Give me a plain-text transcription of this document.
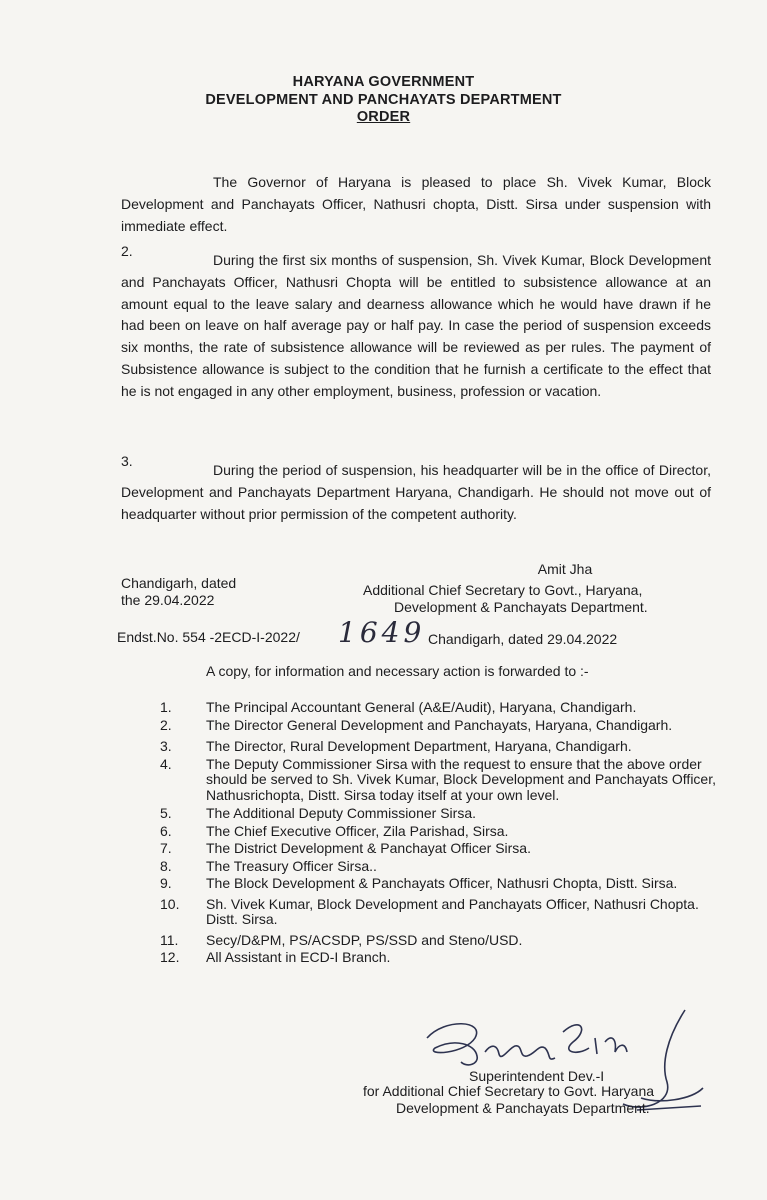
HARYANA GOVERNMENT
DEVELOPMENT AND PANCHAYATS DEPARTMENT
ORDER
The Governor of Haryana is pleased to place Sh. Vivek Kumar, Block Development and Panchayats Officer, Nathusri chopta, Distt. Sirsa under suspension with immediate effect.
2.
During the first six months of suspension, Sh. Vivek Kumar, Block Development and Panchayats Officer, Nathusri Chopta will be entitled to subsistence allowance at an amount equal to the leave salary and dearness allowance which he would have drawn if he had been on leave on half average pay or half pay. In case the period of suspension exceeds six months, the rate of subsistence allowance will be reviewed as per rules. The payment of Subsistence allowance is subject to the condition that he furnish a certificate to the effect that he is not engaged in any other employment, business, profession or vacation.
3.
During the period of suspension, his headquarter will be in the office of Director, Development and Panchayats Department Haryana, Chandigarh. He should not move out of headquarter without prior permission of the competent authority.
Amit Jha
Chandigarh, dated
the 29.04.2022
Additional Chief Secretary to Govt., Haryana,
Development & Panchayats Department.
Endst.No. 554 -2ECD-I-2022/ 1649 Chandigarh, dated 29.04.2022
A copy, for information and necessary action is forwarded to :-
1.	The Principal Accountant General (A&E/Audit), Haryana, Chandigarh.
2.	The Director General Development and Panchayats, Haryana, Chandigarh.
3.	The Director, Rural Development Department, Haryana, Chandigarh.
4.	The Deputy Commissioner Sirsa with the request to ensure that the above order should be served to Sh. Vivek Kumar, Block Development and Panchayats Officer, Nathusrichopta, Distt. Sirsa today itself at your own level.
5.	The Additional Deputy Commissioner Sirsa.
6.	The Chief Executive Officer, Zila Parishad, Sirsa.
7.	The District Development & Panchayat Officer Sirsa.
8.	The Treasury Officer Sirsa..
9.	The Block Development & Panchayats Officer, Nathusri Chopta, Distt. Sirsa.
10.	Sh. Vivek Kumar, Block Development and Panchayats Officer, Nathusri Chopta. Distt. Sirsa.
11.	Secy/D&PM, PS/ACSDP, PS/SSD and Steno/USD.
12.	All Assistant in ECD-I Branch.
Superintendent Dev.-I
for Additional Chief Secretary to Govt. Haryana
Development & Panchayats Department.
